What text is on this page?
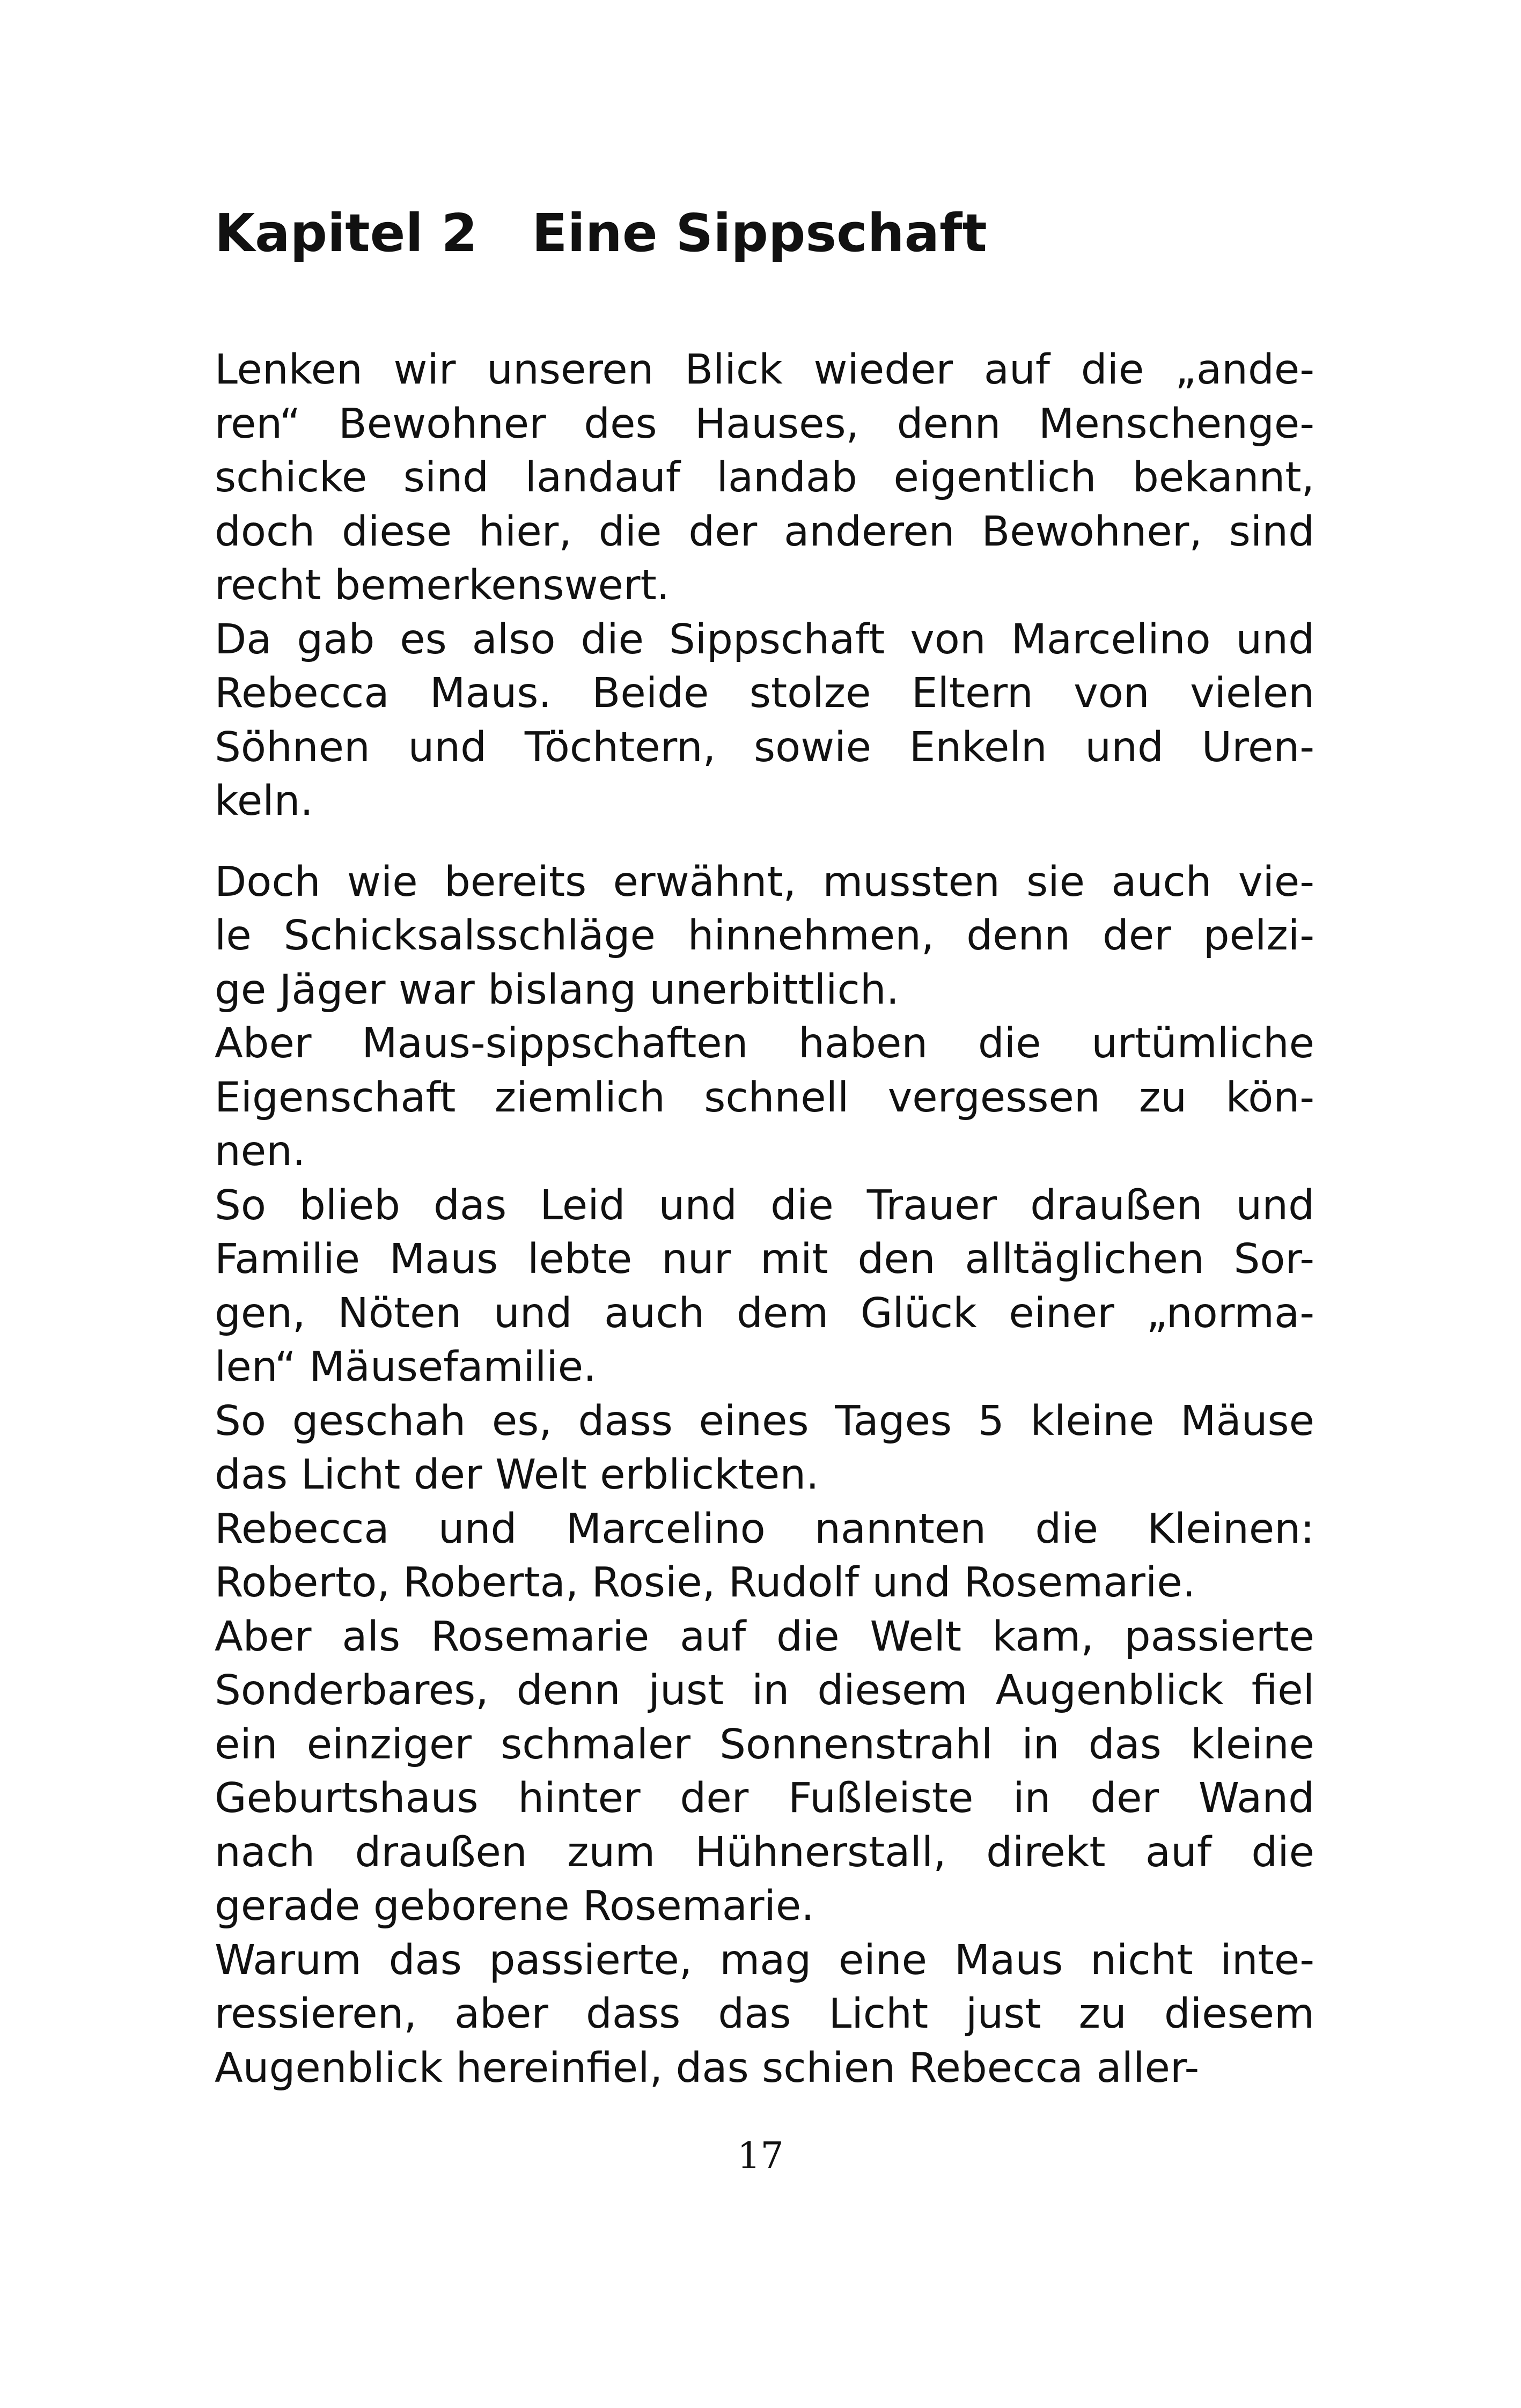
Kapitel 2   Eine Sippschaft

Lenken wir unseren Blick wieder auf die „ande-
ren“ Bewohner des Hauses, denn Menschenge-
schicke sind landauf landab eigentlich bekannt,
doch diese hier, die der anderen Bewohner, sind
recht bemerkenswert.

Da gab es also die Sippschaft von Marcelino und
Rebecca Maus. Beide stolze Eltern von vielen
Söhnen und Töchtern, sowie Enkeln und Uren-
keln.

Doch wie bereits erwähnt, mussten sie auch vie-
le Schicksalsschläge hinnehmen, denn der pelzi-
ge Jäger war bislang unerbittlich.

Aber Maus-sippschaften haben die urtümliche
Eigenschaft ziemlich schnell vergessen zu kön-
nen.

So blieb das Leid und die Trauer draußen und
Familie Maus lebte nur mit den alltäglichen Sor-
gen, Nöten und auch dem Glück einer „norma-
len“ Mäusefamilie.

So geschah es, dass eines Tages 5 kleine Mäuse
das Licht der Welt erblickten.

Rebecca und Marcelino nannten die Kleinen:
Roberto, Roberta, Rosie, Rudolf und Rosemarie.

Aber als Rosemarie auf die Welt kam, passierte
Sonderbares, denn just in diesem Augenblick fiel
ein einziger schmaler Sonnenstrahl in das kleine
Geburtshaus hinter der Fußleiste in der Wand
nach draußen zum Hühnerstall, direkt auf die
gerade geborene Rosemarie.

Warum das passierte, mag eine Maus nicht inte-
ressieren, aber dass das Licht just zu diesem
Augenblick hereinfiel, das schien Rebecca aller-

17
